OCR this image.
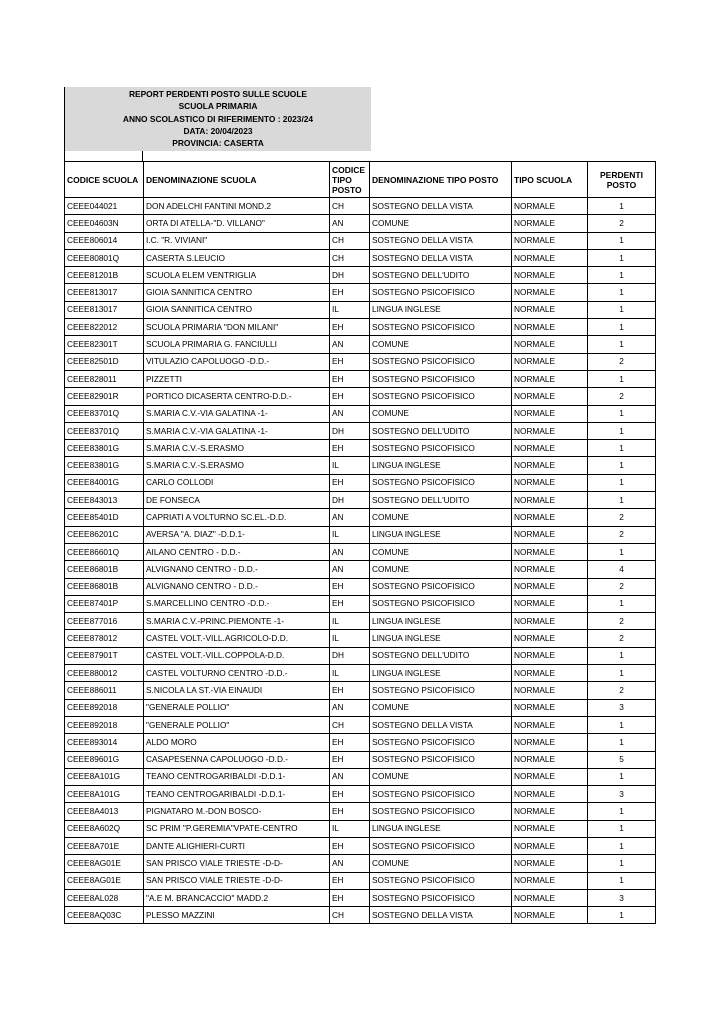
REPORT PERDENTI POSTO SULLE SCUOLE
SCUOLA PRIMARIA
ANNO SCOLASTICO DI RIFERIMENTO : 2023/24
DATA: 20/04/2023
PROVINCIA: CASERTA
CODICE SCUOLA	DENOMINAZIONE SCUOLA	CODICE TIPO POSTO	DENOMINAZIONE TIPO POSTO	TIPO SCUOLA	PERDENTI POSTO
CEEE044021	DON ADELCHI FANTINI MOND.2	CH	SOSTEGNO DELLA VISTA	NORMALE	1
CEEE04603N	ORTA DI ATELLA-"D. VILLANO"	AN	COMUNE	NORMALE	2
CEEE806014	I.C. "R. VIVIANI"	CH	SOSTEGNO DELLA VISTA	NORMALE	1
CEEE80801Q	CASERTA S.LEUCIO	CH	SOSTEGNO DELLA VISTA	NORMALE	1
CEEE81201B	SCUOLA ELEM VENTRIGLIA	DH	SOSTEGNO DELL'UDITO	NORMALE	1
CEEE813017	GIOIA SANNITICA CENTRO	EH	SOSTEGNO PSICOFISICO	NORMALE	1
CEEE813017	GIOIA SANNITICA CENTRO	IL	LINGUA INGLESE	NORMALE	1
CEEE822012	SCUOLA PRIMARIA "DON MILANI"	EH	SOSTEGNO PSICOFISICO	NORMALE	1
CEEE82301T	SCUOLA PRIMARIA G. FANCIULLI	AN	COMUNE	NORMALE	1
CEEE82501D	VITULAZIO CAPOLUOGO -D.D.-	EH	SOSTEGNO PSICOFISICO	NORMALE	2
CEEE828011	PIZZETTI	EH	SOSTEGNO PSICOFISICO	NORMALE	1
CEEE82901R	PORTICO DICASERTA CENTRO-D.D.-	EH	SOSTEGNO PSICOFISICO	NORMALE	2
CEEE83701Q	S.MARIA C.V.-VIA GALATINA -1-	AN	COMUNE	NORMALE	1
CEEE83701Q	S.MARIA C.V.-VIA GALATINA -1-	DH	SOSTEGNO DELL'UDITO	NORMALE	1
CEEE83801G	S.MARIA C.V.-S.ERASMO	EH	SOSTEGNO PSICOFISICO	NORMALE	1
CEEE83801G	S.MARIA C.V.-S.ERASMO	IL	LINGUA INGLESE	NORMALE	1
CEEE84001G	CARLO COLLODI	EH	SOSTEGNO PSICOFISICO	NORMALE	1
CEEE843013	DE FONSECA	DH	SOSTEGNO DELL'UDITO	NORMALE	1
CEEE85401D	CAPRIATI A VOLTURNO SC.EL.-D.D.	AN	COMUNE	NORMALE	2
CEEE86201C	AVERSA "A. DIAZ" -D.D.1-	IL	LINGUA INGLESE	NORMALE	2
CEEE86601Q	AILANO CENTRO - D.D.-	AN	COMUNE	NORMALE	1
CEEE86801B	ALVIGNANO CENTRO - D.D.-	AN	COMUNE	NORMALE	4
CEEE86801B	ALVIGNANO CENTRO - D.D.-	EH	SOSTEGNO PSICOFISICO	NORMALE	2
CEEE87401P	S.MARCELLINO CENTRO -D.D.-	EH	SOSTEGNO PSICOFISICO	NORMALE	1
CEEE877016	S.MARIA C.V.-PRINC.PIEMONTE -1-	IL	LINGUA INGLESE	NORMALE	2
CEEE878012	CASTEL VOLT.-VILL.AGRICOLO-D.D.	IL	LINGUA INGLESE	NORMALE	2
CEEE87901T	CASTEL VOLT.-VILL.COPPOLA-D.D.	DH	SOSTEGNO DELL'UDITO	NORMALE	1
CEEE880012	CASTEL VOLTURNO CENTRO -D.D.-	IL	LINGUA INGLESE	NORMALE	1
CEEE886011	S.NICOLA LA ST.-VIA EINAUDI	EH	SOSTEGNO PSICOFISICO	NORMALE	2
CEEE892018	"GENERALE POLLIO"	AN	COMUNE	NORMALE	3
CEEE892018	"GENERALE POLLIO"	CH	SOSTEGNO DELLA VISTA	NORMALE	1
CEEE893014	ALDO MORO	EH	SOSTEGNO PSICOFISICO	NORMALE	1
CEEE89601G	CASAPESENNA CAPOLUOGO -D.D.-	EH	SOSTEGNO PSICOFISICO	NORMALE	5
CEEE8A101G	TEANO CENTROGARIBALDI -D.D.1-	AN	COMUNE	NORMALE	1
CEEE8A101G	TEANO CENTROGARIBALDI -D.D.1-	EH	SOSTEGNO PSICOFISICO	NORMALE	3
CEEE8A4013	PIGNATARO M.-DON BOSCO-	EH	SOSTEGNO PSICOFISICO	NORMALE	1
CEEE8A602Q	SC PRIM "P.GEREMIA"VPATE-CENTRO	IL	LINGUA INGLESE	NORMALE	1
CEEE8A701E	DANTE ALIGHIERI-CURTI	EH	SOSTEGNO PSICOFISICO	NORMALE	1
CEEE8AG01E	SAN PRISCO VIALE TRIESTE -D-D-	AN	COMUNE	NORMALE	1
CEEE8AG01E	SAN PRISCO VIALE TRIESTE -D-D-	EH	SOSTEGNO PSICOFISICO	NORMALE	1
CEEE8AL028	"A.E M. BRANCACCIO" MADD.2	EH	SOSTEGNO PSICOFISICO	NORMALE	3
CEEE8AQ03C	PLESSO MAZZINI	CH	SOSTEGNO DELLA VISTA	NORMALE	1
